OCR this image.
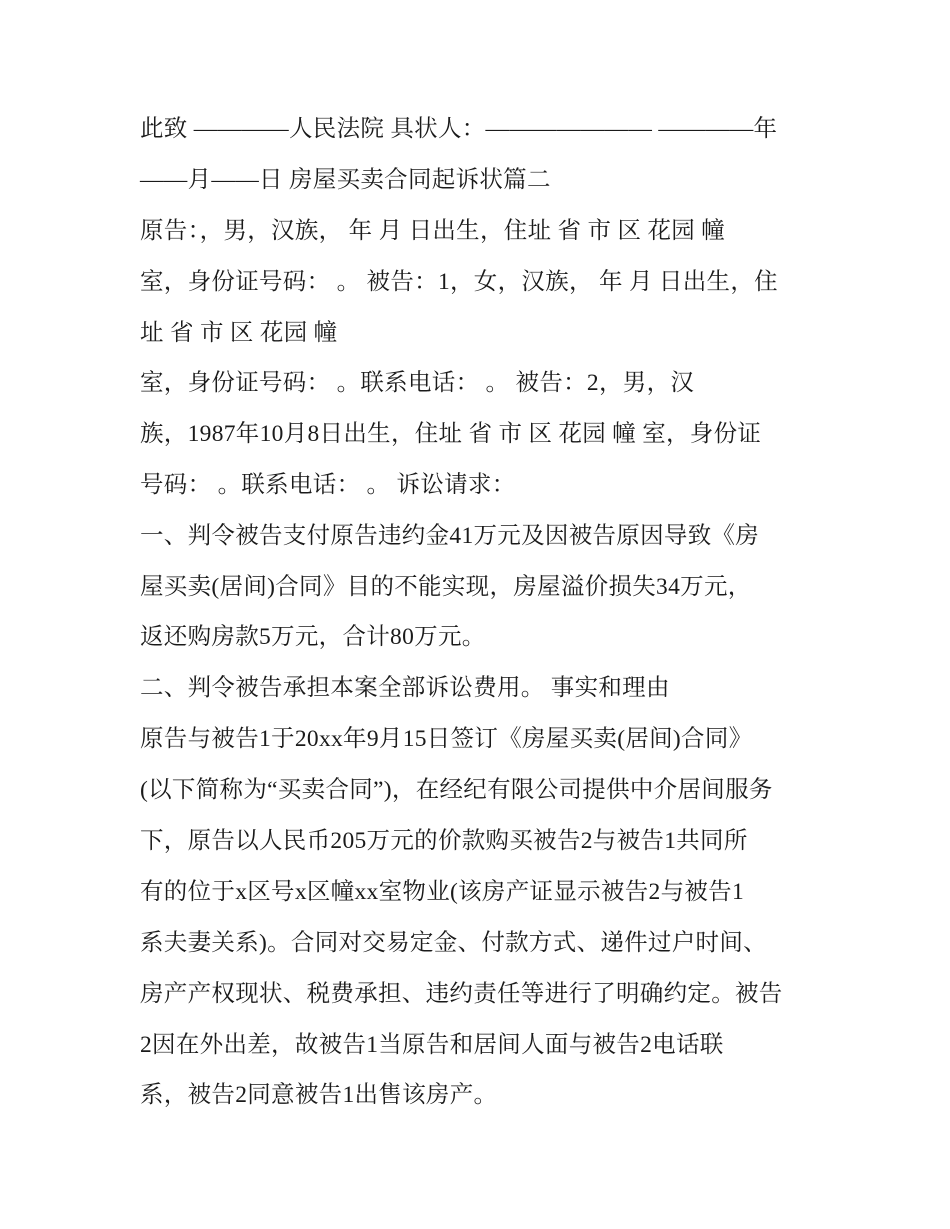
此致 ————人民法院 具状人：——————— ————年
——月——日 房屋买卖合同起诉状篇二
原告：，男，汉族， 年 月 日出生，住址 省 市 区 花园 幢
室，身份证号码： 。 被告：1，女，汉族， 年 月 日出生，住
址 省 市 区 花园 幢
室，身份证号码： 。联系电话： 。 被告：2，男，汉
族，1987年10月8日出生，住址 省 市 区 花园 幢 室，身份证
号码： 。联系电话： 。 诉讼请求：
一、判令被告支付原告违约金41万元及因被告原因导致《房
屋买卖(居间)合同》目的不能实现，房屋溢价损失34万元，
返还购房款5万元，合计80万元。
二、判令被告承担本案全部诉讼费用。 事实和理由
原告与被告1于20xx年9月15日签订《房屋买卖(居间)合同》
(以下简称为“买卖合同”)，在经纪有限公司提供中介居间服务
下，原告以人民币205万元的价款购买被告2与被告1共同所
有的位于x区号x区幢xx室物业(该房产证显示被告2与被告1
系夫妻关系)。合同对交易定金、付款方式、递件过户时间、
房产产权现状、税费承担、违约责任等进行了明确约定。被告
2因在外出差，故被告1当原告和居间人面与被告2电话联
系，被告2同意被告1出售该房产。
